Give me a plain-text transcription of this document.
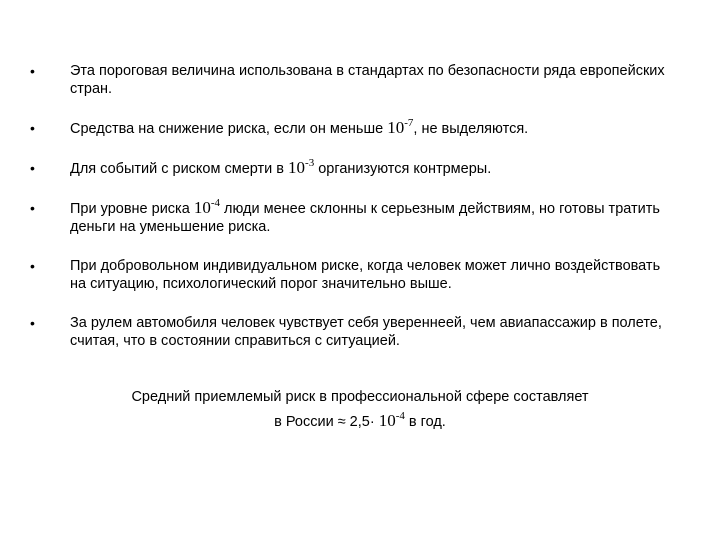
• Эта пороговая величина использована в стандартах по безопасности ряда европейских стран.
• Средства на снижение риска, если он меньше $10^{-7}$, не выделяются.
• Для событий с риском смерти в $10^{-3}$ организуются контрмеры.
• При уровне риска $10^{-4}$ люди менее склонны к серьезным действиям, но готовы тратить деньги на уменьшение риска.
• При добровольном индивидуальном риске, когда человек может лично воздействовать на ситуацию, психологический порог значительно выше.
• За рулем автомобиля человек чувствует себя увереннеей, чем авиапассажир в полете, считая, что в состоянии справиться с ситуацией.
Средний приемлемый риск в профессиональной сфере составляет
в России ≈ $2,5\cdot 10^{-4}$ в год.
